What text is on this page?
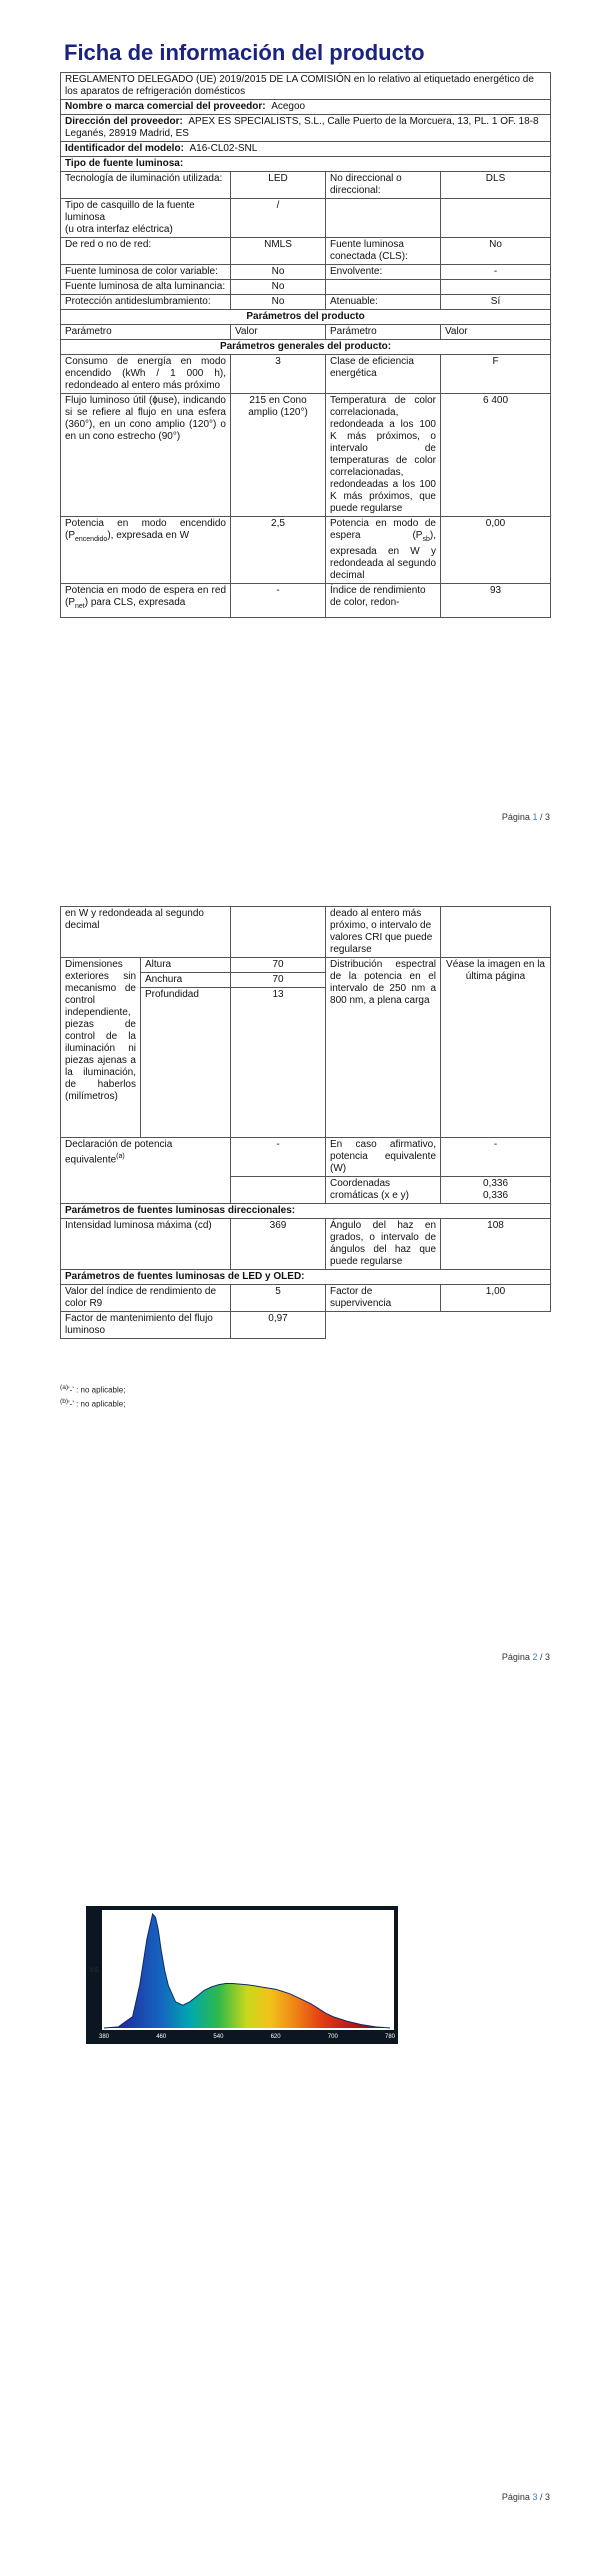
Ficha de información del producto
REGLAMENTO DELEGADO (UE) 2019/2015 DE LA COMISIÓN en lo relativo al etiquetado energético de los aparatos de refrigeración domésticos			
Nombre o marca comercial del proveedor: Acegoo			
Dirección del proveedor: APEX ES SPECIALISTS, S.L., Calle Puerto de la Morcuera, 13, PL. 1 OF. 18-8 Leganés, 28919 Madrid, ES			
Identificador del modelo: A16-CL02-SNL			
Tipo de fuente luminosa:			
Tecnología de iluminación utilizada:	LED	No direccional o direccional:	DLS

Tipo de casquillo de la fuente luminosa
(u otra interfaz eléctrica)	/		
De red o no de red:	NMLS	Fuente luminosa conectada (CLS):	No
Fuente luminosa de color variable:	No	Envolvente:	-
Fuente luminosa de alta luminancia:	No		
Protección antideslumbramiento:	No	Atenuable:	Sí
Parámetros del producto			
Parámetro	Valor	Parámetro	Valor
Parámetros generales del producto:			
Consumo de energía en modo encendido (kWh / 1 000 h), redondeado al entero más próximo	3	Clase de eficiencia energética	F
Flujo luminoso útil (ɸuse), indicando si se refiere al flujo en una esfera (360°), en un cono amplio (120°) o en un cono estrecho (90°)	215 en Cono amplio (120°)	Temperatura de color correlacionada, redondeada a los 100 K más próximos, o intervalo de temperaturas de color correlacionadas, redondeadas a los 100 K más próximos, que puede regularse	6 400
Potencia en modo encendido $(P_{encendido})$, expresada en W	2,5	Potencia en modo de espera $(P_{sb})$, expresada en W y redondeada al segundo decimal	0,00
Potencia en modo de espera en red $(P_{net})$ para CLS, expresada	-	Índice de rendimiento de color, redon-	93
Página 1 / 3
en W y redondeada al segundo decimal			deado al entero más próximo, o intervalo de valores CRI que puede regularse	
Dimensiones exteriores sin mecanismo de control independiente, piezas de control de la iluminación ni piezas ajenas a la iluminación, de haberlos (milímetros)	Altura	70	Distribución espectral de la potencia en el intervalo de 250 nm a 800 nm, a plena carga	Véase la imagen en la última página
	Anchura	70		
	Profundidad	13		
Declaración de potencia equivalente$^{(a)}$		-	En caso afirmativo, potencia equivalente (W)	-
			Coordenadas cromáticas (x e y)	0,336
0,336

Parámetros de fuentes luminosas direccionales:				
Intensidad luminosa máxima (cd)		369	Ángulo del haz en grados, o intervalo de ángulos del haz que puede regularse	108
Parámetros de fuentes luminosas de LED y OLED:				
Valor del índice de rendimiento de color R9		5	Factor de supervivencia	1,00
Factor de mantenimiento del flujo luminoso		0,97		
$^{(a)}$'-' : no aplicable;
$^{(b)}$'-' : no aplicable;
Página 2 / 3
0.5
380	460	540	620	700	780
Página 3 / 3
